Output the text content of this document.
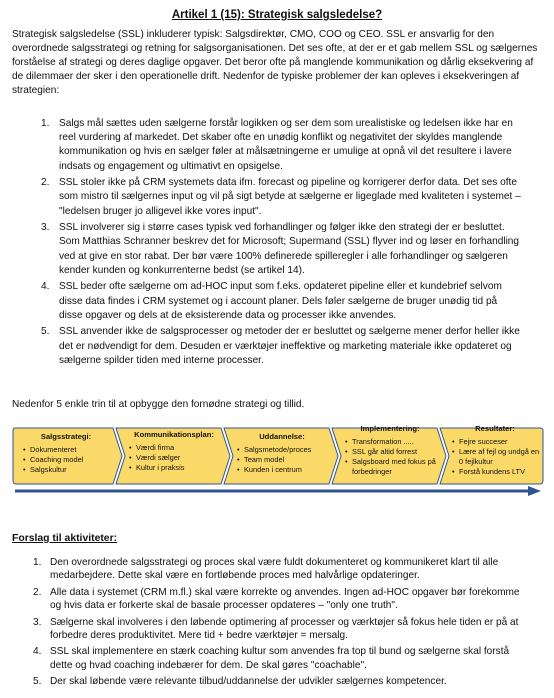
Artikel 1 (15): Strategisk salgsledelse?
Strategisk salgsledelse (SSL) inkluderer typisk: Salgsdirektør, CMO, COO og CEO. SSL er ansvarlig for den overordnede salgsstrategi og retning for salgsorganisationen. Det ses ofte, at der er et gab mellem SSL og sælgernes forståelse af strategi og deres daglige opgaver. Det beror ofte på manglende kommunikation og dårlig eksekvering af de dilemmaer der sker i den operationelle drift. Nedenfor de typiske problemer der kan opleves i eksekveringen af strategien:
1. Salgs mål sættes uden sælgerne forstår logikken og ser dem som urealistiske og ledelsen ikke har en reel vurdering af markedet. Det skaber ofte en unødig konflikt og negativitet der skyldes manglende kommunikation og hvis en sælger føler at målsætningerne er umulige at opnå vil det resultere i lavere indsats og engagement og ultimativt en opsigelse.
2. SSL stoler ikke på CRM systemets data ifm. forecast og pipeline og korrigerer derfor data. Det ses ofte som mistro til sælgernes input og vil på sigt betyde at sælgerne er ligeglade med kvaliteten i systemet – "ledelsen bruger jo alligevel ikke vores input".
3. SSL involverer sig i større cases typisk ved forhandlinger og følger ikke den strategi der er besluttet. Som Matthias Schranner beskrev det for Microsoft; Supermand (SSL) flyver ind og løser en forhandling ved at give en stor rabat. Der bør være 100% definerede spilleregler i alle forhandlinger og sælgeren kender kunden og konkurrenterne bedst (se artikel 14).
4. SSL beder ofte sælgerne om ad-HOC input som f.eks. opdateret pipeline eller et kundebrief selvom disse data findes i CRM systemet og i account planer. Dels føler sælgerne de bruger unødig tid på disse opgaver og dels at de eksisterende data og processer ikke anvendes.
5. SSL anvender ikke de salgsprocesser og metoder der er besluttet og sælgerne mener derfor heller ikke det er nødvendigt for dem. Desuden er værktøjer ineffektive og marketing materiale ikke opdateret og sælgerne spilder tiden med interne processer.
Nedenfor 5 enkle trin til at opbygge den fornødne strategi og tillid.
Salgsstrategi:
• Dokumenteret
• Coaching model
• Salgskultur
Kommunikationsplan:
• Værdi firma
• Værdi sælger
• Kultur i praksis
Uddannelse:
• Salgsmetode/proces
• Team model
• Kunden i centrum
Implementering:
• Transformation .....
• SSL går altid forrest
• Salgsboard med fokus på forbedringer
Resultater:
• Fejre succeser
• Lære af fejl og undgå en 0 fejlkultur
• Forstå kundens LTV
Forslag til aktiviteter:
1. Den overordnede salgsstrategi og proces skal være fuldt dokumenteret og kommunikeret klart til alle medarbejdere. Dette skal være en fortløbende proces med halvårlige opdateringer.
2. Alle data i systemet (CRM m.fl.) skal være korrekte og anvendes. Ingen ad-HOC opgaver bør forekomme og hvis data er forkerte skal de basale processer opdateres – "only one truth".
3. Sælgerne skal involveres i den løbende optimering af processer og værktøjer så fokus hele tiden er på at forbedre deres produktivitet. Mere tid + bedre værktøjer = mersalg.
4. SSL skal implementere en stærk coaching kultur som anvendes fra top til bund og sælgerne skal forstå dette og hvad coaching indebærer for dem. De skal gøres "coachable".
5. Der skal løbende være relevante tilbud/uddannelse der udvikler sælgernes kompetencer.
